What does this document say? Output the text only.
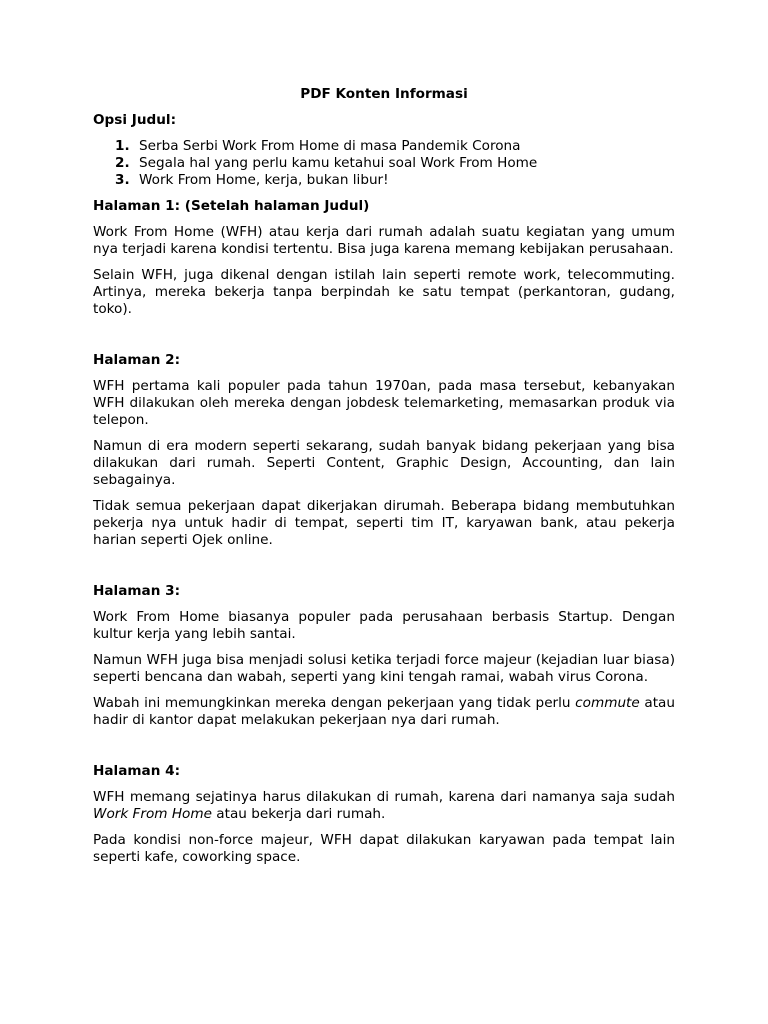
PDF Konten Informasi
Opsi Judul:
1. Serba Serbi Work From Home di masa Pandemik Corona
2. Segala hal yang perlu kamu ketahui soal Work From Home
3. Work From Home, kerja, bukan libur!
Halaman 1: (Setelah halaman Judul)

Work From Home (WFH) atau kerja dari rumah adalah suatu kegiatan yang umum nya terjadi karena kondisi tertentu. Bisa juga karena memang kebijakan perusahaan.

Selain WFH, juga dikenal dengan istilah lain seperti remote work, telecommuting. Artinya, mereka bekerja tanpa berpindah ke satu tempat (perkantoran, gudang, toko).

Halaman 2:

WFH pertama kali populer pada tahun 1970an, pada masa tersebut, kebanyakan WFH dilakukan oleh mereka dengan jobdesk telemarketing, memasarkan produk via telepon.

Namun di era modern seperti sekarang, sudah banyak bidang pekerjaan yang bisa dilakukan dari rumah. Seperti Content, Graphic Design, Accounting, dan lain sebagainya.

Tidak semua pekerjaan dapat dikerjakan dirumah. Beberapa bidang membutuhkan pekerja nya untuk hadir di tempat, seperti tim IT, karyawan bank, atau pekerja harian seperti Ojek online.

Halaman 3:

Work From Home biasanya populer pada perusahaan berbasis Startup. Dengan kultur kerja yang lebih santai.

Namun WFH juga bisa menjadi solusi ketika terjadi force majeur (kejadian luar biasa) seperti bencana dan wabah, seperti yang kini tengah ramai, wabah virus Corona.

Wabah ini memungkinkan mereka dengan pekerjaan yang tidak perlu commute atau hadir di kantor dapat melakukan pekerjaan nya dari rumah.

Halaman 4:

WFH memang sejatinya harus dilakukan di rumah, karena dari namanya saja sudah Work From Home atau bekerja dari rumah.

Pada kondisi non-force majeur, WFH dapat dilakukan karyawan pada tempat lain seperti kafe, coworking space.
